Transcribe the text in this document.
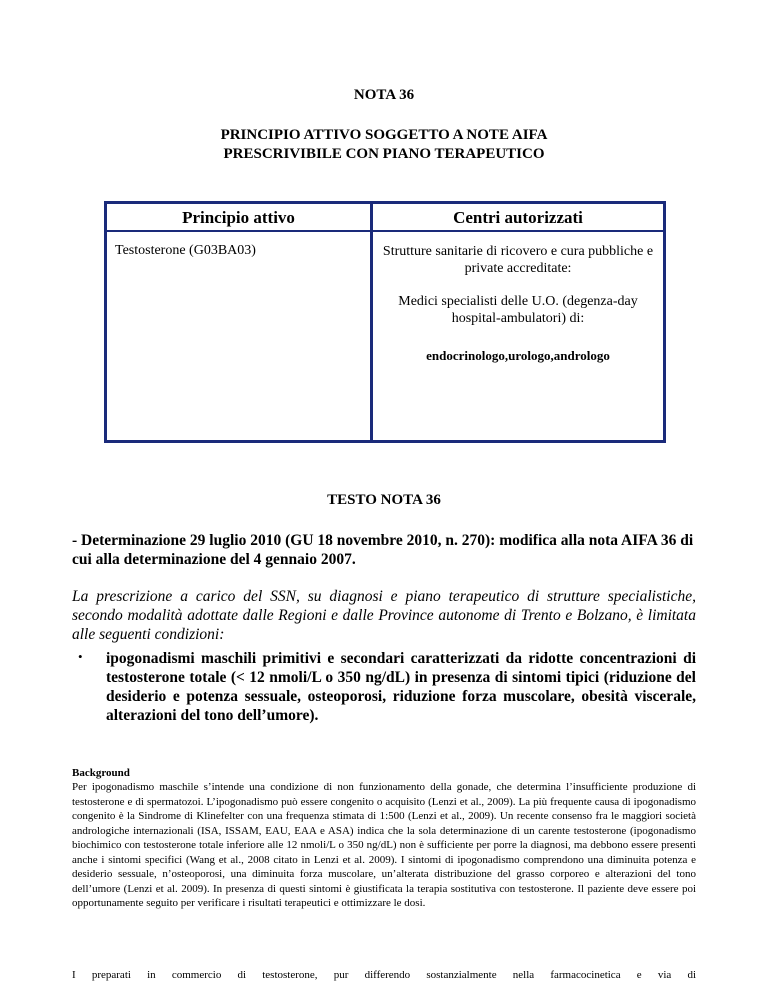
NOTA 36
PRINCIPIO ATTIVO SOGGETTO A NOTE AIFA
PRESCRIVIBILE CON PIANO TERAPEUTICO
Principio attivo	Centri autorizzati
Testosterone (G03BA03)	Strutture sanitarie di ricovero e cura pubbliche e private accreditate:
Medici specialisti delle U.O. (degenza-day hospital-ambulatori) di:
endocrinologo,urologo,andrologo
TESTO NOTA 36
- Determinazione 29 luglio 2010 (GU 18 novembre 2010, n. 270): modifica alla nota AIFA 36 di cui alla determinazione del 4 gennaio 2007.
La prescrizione a carico del SSN, su diagnosi e piano terapeutico di strutture specialistiche, secondo modalità adottate dalle Regioni e dalle Province autonome di Trento e Bolzano, è limitata alle seguenti condizioni:
• ipogonadismi maschili primitivi e secondari caratterizzati da ridotte concentrazioni di testosterone totale (< 12 nmoli/L o 350 ng/dL) in presenza di sintomi tipici (riduzione del desiderio e potenza sessuale, osteoporosi, riduzione forza muscolare, obesità viscerale, alterazioni del tono dell’umore).
Background

Per ipogonadismo maschile s’intende una condizione di non funzionamento della gonade, che determina l’insufficiente produzione di testosterone e di spermatozoi. L’ipogonadismo può essere congenito o acquisito (Lenzi et al., 2009). La più frequente causa di ipogonadismo congenito è la Sindrome di Klinefelter con una frequenza stimata di 1:500 (Lenzi et al., 2009). Un recente consenso fra le maggiori società andrologiche internazionali (ISA, ISSAM, EAU, EAA e ASA) indica che la sola determinazione di un carente testosterone (ipogonadismo biochimico con testosterone totale inferiore alle 12 nmoli/L o 350 ng/dL) non è sufficiente per porre la diagnosi, ma debbono essere presenti anche i sintomi specifici (Wang et al., 2008 citato in Lenzi et al. 2009). I sintomi di ipogonadismo comprendono una diminuita potenza e desiderio sessuale, n’osteoporosi, una diminuita forza muscolare, un’alterata distribuzione del grasso corporeo e alterazioni del tono dell’umore (Lenzi et al. 2009). In presenza di questi sintomi è giustificata la terapia sostitutiva con testosterone. Il paziente deve essere poi opportunamente seguito per verificare i risultati terapeutici e ottimizzare le dosi.

I preparati in commercio di testosterone, pur differendo sostanzialmente nella farmacocinetica e via di
